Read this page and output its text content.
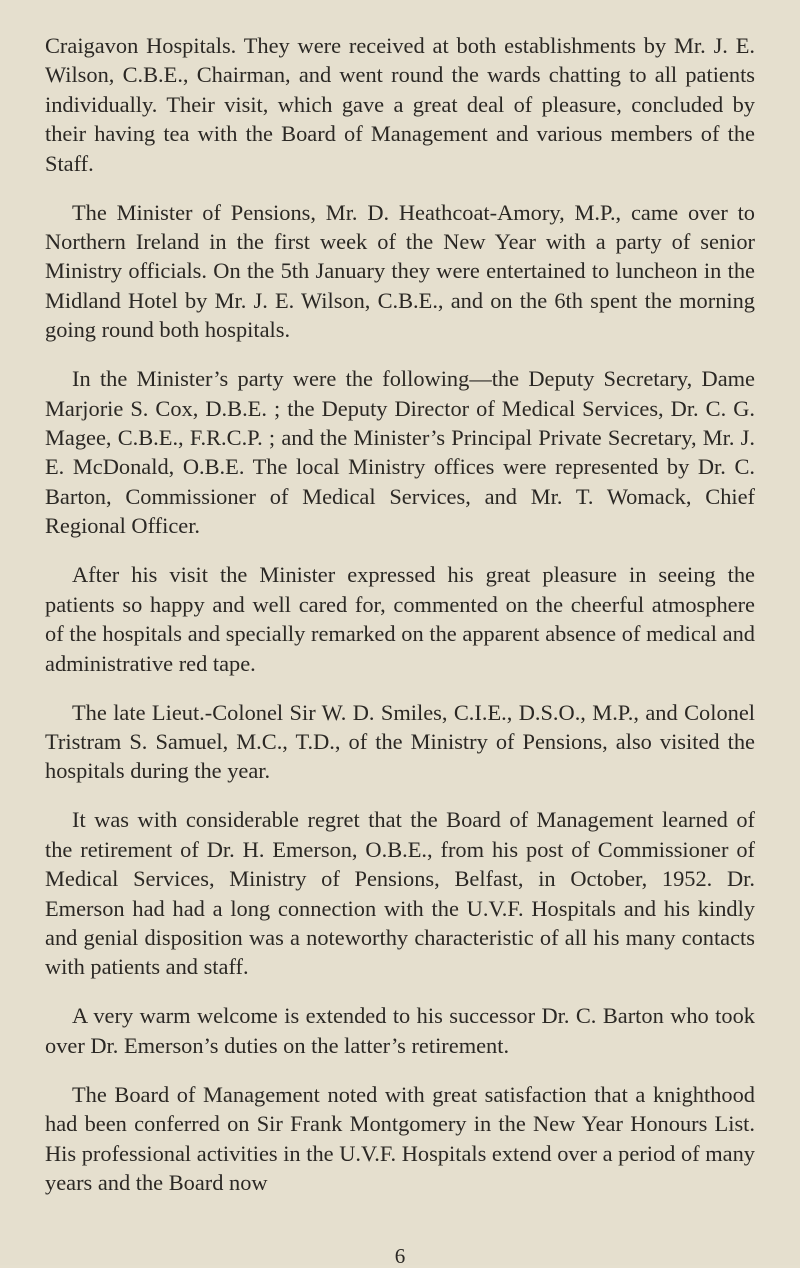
Craigavon Hospitals. They were received at both establishments by Mr. J. E. Wilson, C.B.E., Chairman, and went round the wards chatting to all patients individually. Their visit, which gave a great deal of pleasure, concluded by their having tea with the Board of Management and various members of the Staff.

The Minister of Pensions, Mr. D. Heathcoat-Amory, M.P., came over to Northern Ireland in the first week of the New Year with a party of senior Ministry officials. On the 5th January they were entertained to luncheon in the Midland Hotel by Mr. J. E. Wilson, C.B.E., and on the 6th spent the morning going round both hospitals.

In the Minister’s party were the following—the Deputy Secretary, Dame Marjorie S. Cox, D.B.E. ; the Deputy Director of Medical Services, Dr. C. G. Magee, C.B.E., F.R.C.P. ; and the Minister’s Principal Private Secretary, Mr. J. E. McDonald, O.B.E. The local Ministry offices were represented by Dr. C. Barton, Commissioner of Medical Services, and Mr. T. Womack, Chief Regional Officer.

After his visit the Minister expressed his great pleasure in seeing the patients so happy and well cared for, commented on the cheerful atmosphere of the hospitals and specially remarked on the apparent absence of medical and administrative red tape.

The late Lieut.-Colonel Sir W. D. Smiles, C.I.E., D.S.O., M.P., and Colonel Tristram S. Samuel, M.C., T.D., of the Ministry of Pensions, also visited the hospitals during the year.

It was with considerable regret that the Board of Management learned of the retirement of Dr. H. Emerson, O.B.E., from his post of Commissioner of Medical Services, Ministry of Pensions, Belfast, in October, 1952. Dr. Emerson had had a long connection with the U.V.F. Hospitals and his kindly and genial disposition was a noteworthy characteristic of all his many contacts with patients and staff.

A very warm welcome is extended to his successor Dr. C. Barton who took over Dr. Emerson’s duties on the latter’s retirement.

The Board of Management noted with great satisfaction that a knighthood had been conferred on Sir Frank Montgomery in the New Year Honours List. His professional activities in the U.V.F. Hospitals extend over a period of many years and the Board now

6
